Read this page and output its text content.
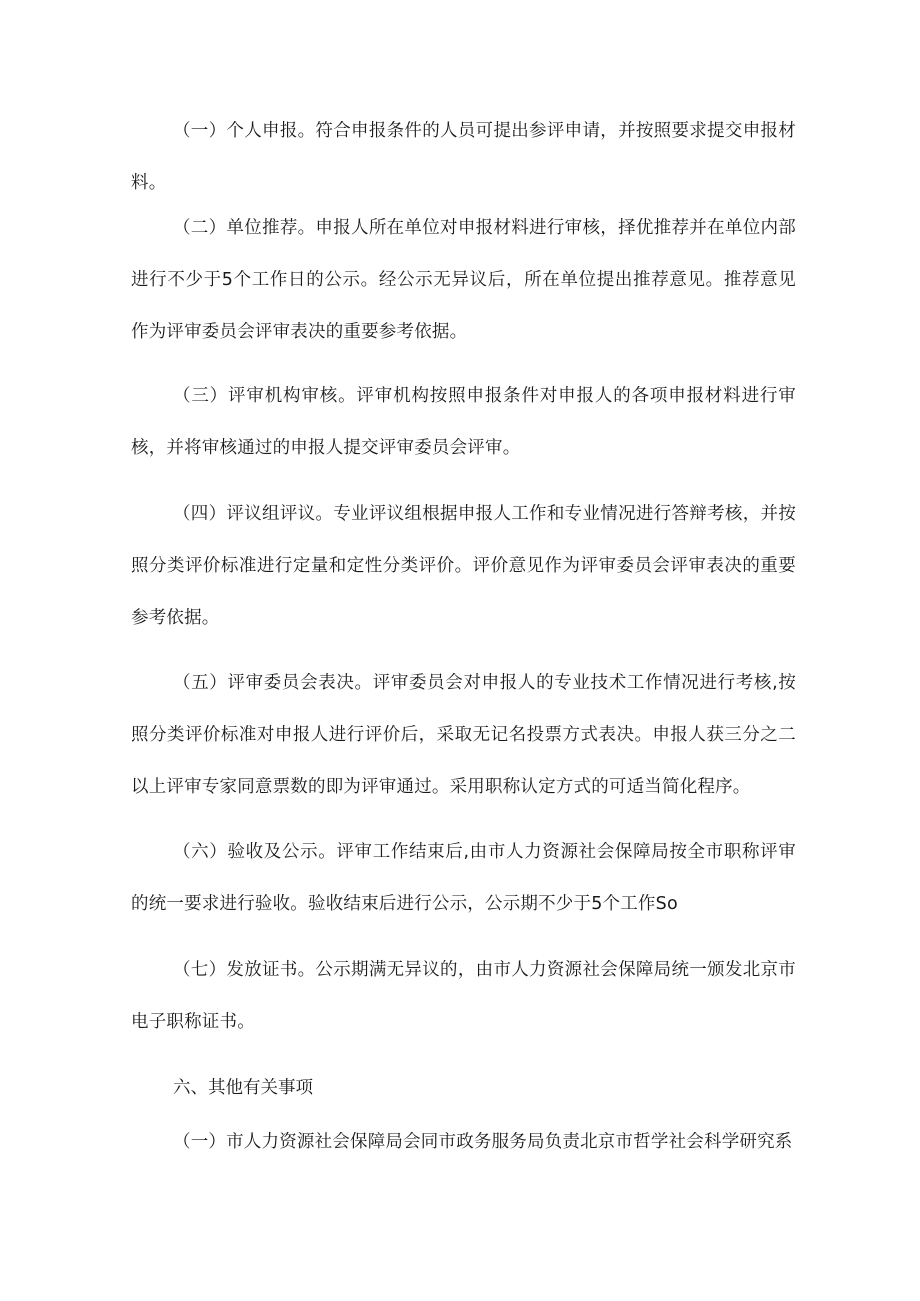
（一）个人申报。符合申报条件的人员可提出参评申请，并按照要求提交申报材料。

（二）单位推荐。申报人所在单位对申报材料进行审核，择优推荐并在单位内部进行不少于5个工作日的公示。经公示无异议后，所在单位提出推荐意见。推荐意见作为评审委员会评审表决的重要参考依据。

（三）评审机构审核。评审机构按照申报条件对申报人的各项申报材料进行审核，并将审核通过的申报人提交评审委员会评审。

（四）评议组评议。专业评议组根据申报人工作和专业情况进行答辩考核，并按照分类评价标准进行定量和定性分类评价。评价意见作为评审委员会评审表决的重要参考依据。

（五）评审委员会表决。评审委员会对申报人的专业技术工作情况进行考核,按照分类评价标准对申报人进行评价后，采取无记名投票方式表决。申报人获三分之二以上评审专家同意票数的即为评审通过。采用职称认定方式的可适当简化程序。

（六）验收及公示。评审工作结束后,由市人力资源社会保障局按全市职称评审的统一要求进行验收。验收结束后进行公示，公示期不少于5个工作So

（七）发放证书。公示期满无异议的，由市人力资源社会保障局统一颁发北京市电子职称证书。

六、其他有关事项

（一）市人力资源社会保障局会同市政务服务局负责北京市哲学社会科学研究系
